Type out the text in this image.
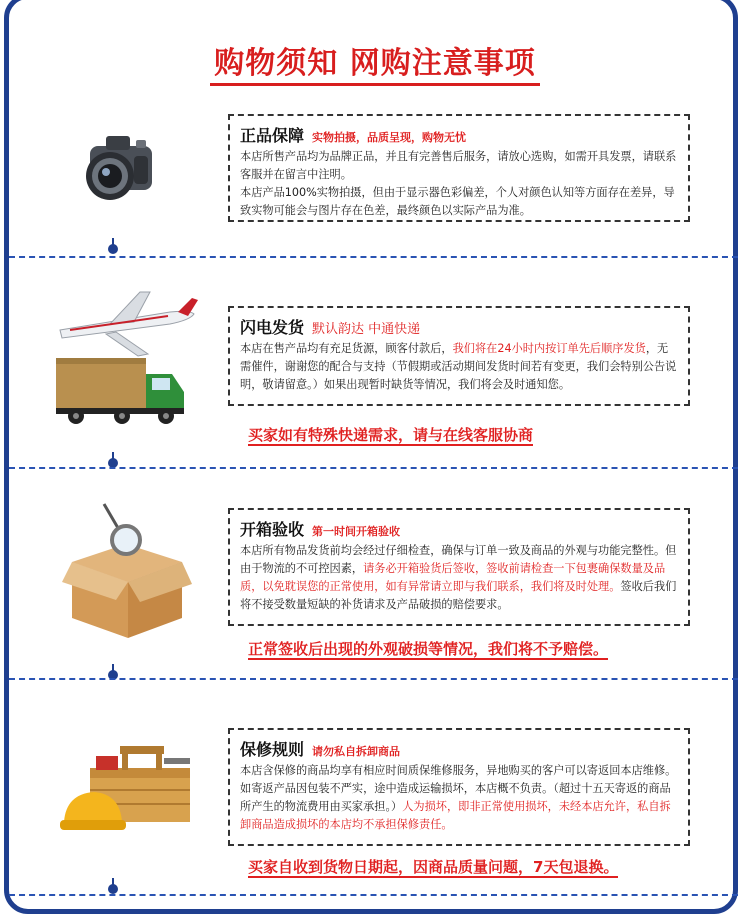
购物须知 网购注意事项
正品保障 实物拍摄，品质呈现，购物无忧

本店所售产品均为品牌正品，并且有完善售后服务，请放心选购，如需开具发票，请联系客服并在留言中注明。
本店产品100%实物拍摄，但由于显示器色彩偏差，个人对颜色认知等方面存在差异，导致实物可能会与图片存在色差，最终颜色以实际产品为准。

闪电发货 默认韵达 中通快递

本店在售产品均有充足货源，顾客付款后，我们将在24小时内按订单先后顺序发货，无需催件，谢谢您的配合与支持（节假期或活动期间发货时间若有变更，我们会特别公告说明，敬请留意。）如果出现暂时缺货等情况，我们将会及时通知您。

买家如有特殊快递需求，请与在线客服协商
开箱验收 第一时间开箱验收

本店所有物品发货前均会经过仔细检查，确保与订单一致及商品的外观与功能完整性。但由于物流的不可控因素，请务必开箱验货后签收，签收前请检查一下包裹确保数量及品质，以免耽误您的正常使用，如有异常请立即与我们联系，我们将及时处理。签收后我们将不接受数量短缺的补货请求及产品破损的赔偿要求。

正常签收后出现的外观破损等情况，我们将不予赔偿。
保修规则 请勿私自拆卸商品

本店含保修的商品均享有相应时间质保维修服务，异地购买的客户可以寄返回本店维修。如寄返产品因包装不严实，途中造成运输损坏，本店概不负责。（超过十五天寄返的商品所产生的物流费用由买家承担。）人为损坏，即非正常使用损坏，未经本店允许，私自拆卸商品造成损坏的本店均不承担保修责任。

买家自收到货物日期起，因商品质量问题，7天包退换。
